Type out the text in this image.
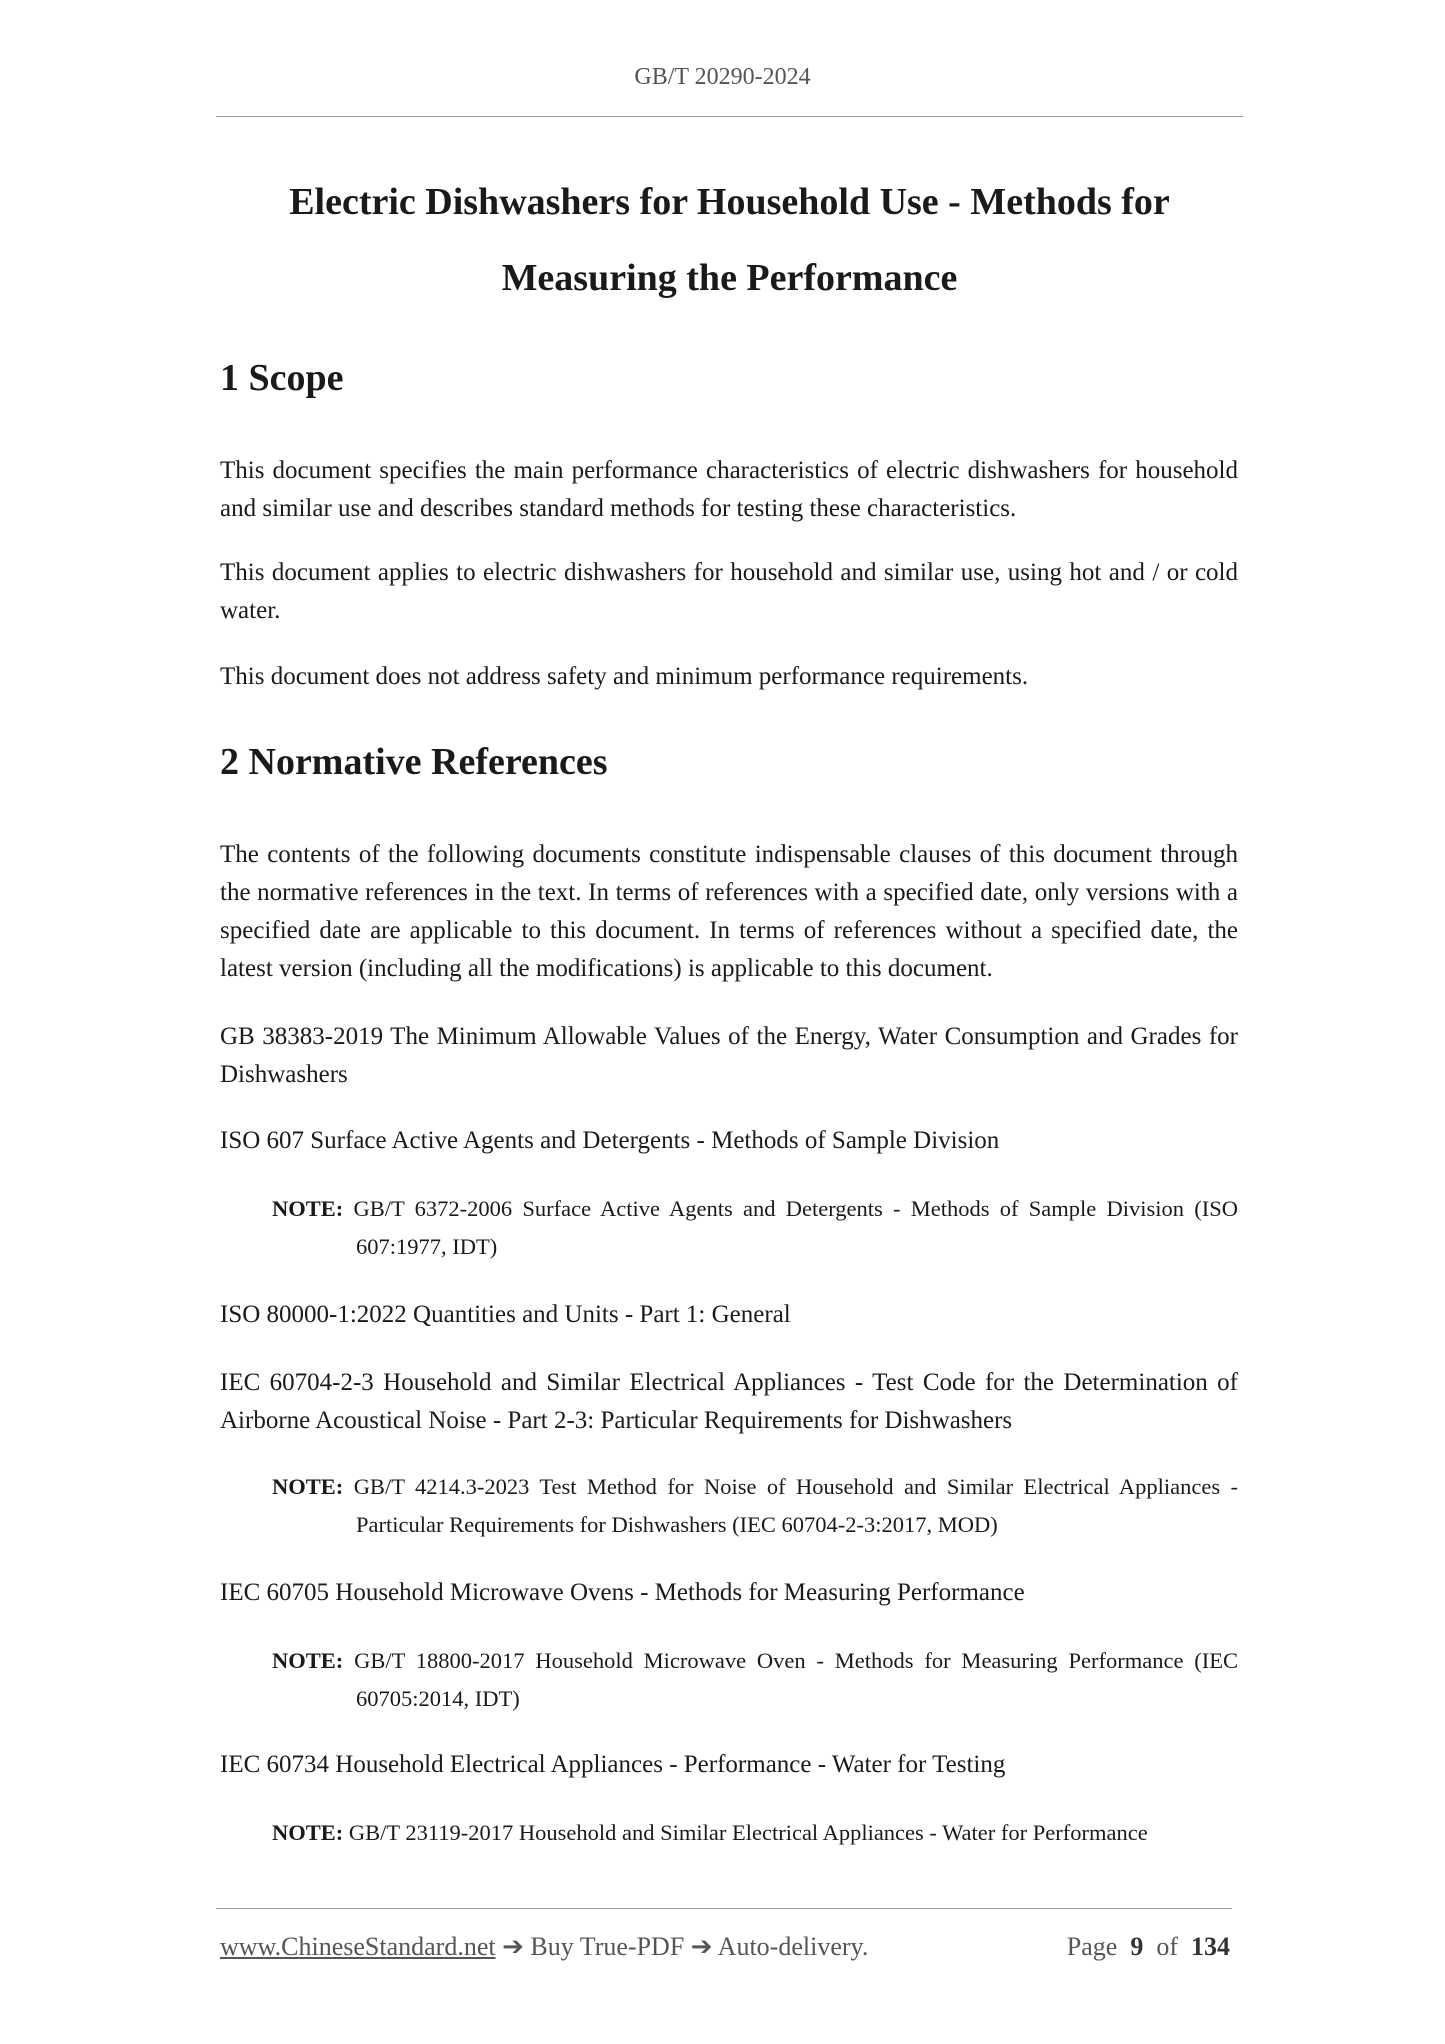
GB/T 20290-2024
Electric Dishwashers for Household Use - Methods for
Measuring the Performance
1 Scope

This document specifies the main performance characteristics of electric dishwashers for household and similar use and describes standard methods for testing these characteristics.

This document applies to electric dishwashers for household and similar use, using hot and / or cold water.

This document does not address safety and minimum performance requirements.

2 Normative References

The contents of the following documents constitute indispensable clauses of this document through the normative references in the text. In terms of references with a specified date, only versions with a specified date are applicable to this document. In terms of references without a specified date, the latest version (including all the modifications) is applicable to this document.

GB 38383-2019 The Minimum Allowable Values of the Energy, Water Consumption and Grades for Dishwashers

ISO 607 Surface Active Agents and Detergents - Methods of Sample Division

NOTE: GB/T 6372-2006 Surface Active Agents and Detergents - Methods of Sample Division (ISO 607:1977, IDT)

ISO 80000-1:2022 Quantities and Units - Part 1: General

IEC 60704-2-3 Household and Similar Electrical Appliances - Test Code for the Determination of Airborne Acoustical Noise - Part 2-3: Particular Requirements for Dishwashers

NOTE: GB/T 4214.3-2023 Test Method for Noise of Household and Similar Electrical Appliances - Particular Requirements for Dishwashers (IEC 60704-2-3:2017, MOD)

IEC 60705 Household Microwave Ovens - Methods for Measuring Performance

NOTE: GB/T 18800-2017 Household Microwave Oven - Methods for Measuring Performance (IEC 60705:2014, IDT)

IEC 60734 Household Electrical Appliances - Performance - Water for Testing

NOTE: GB/T 23119-2017 Household and Similar Electrical Appliances - Water for Performance

www.ChineseStandard.net ➔ Buy True-PDF ➔ Auto-delivery.	Page 9 of 134
